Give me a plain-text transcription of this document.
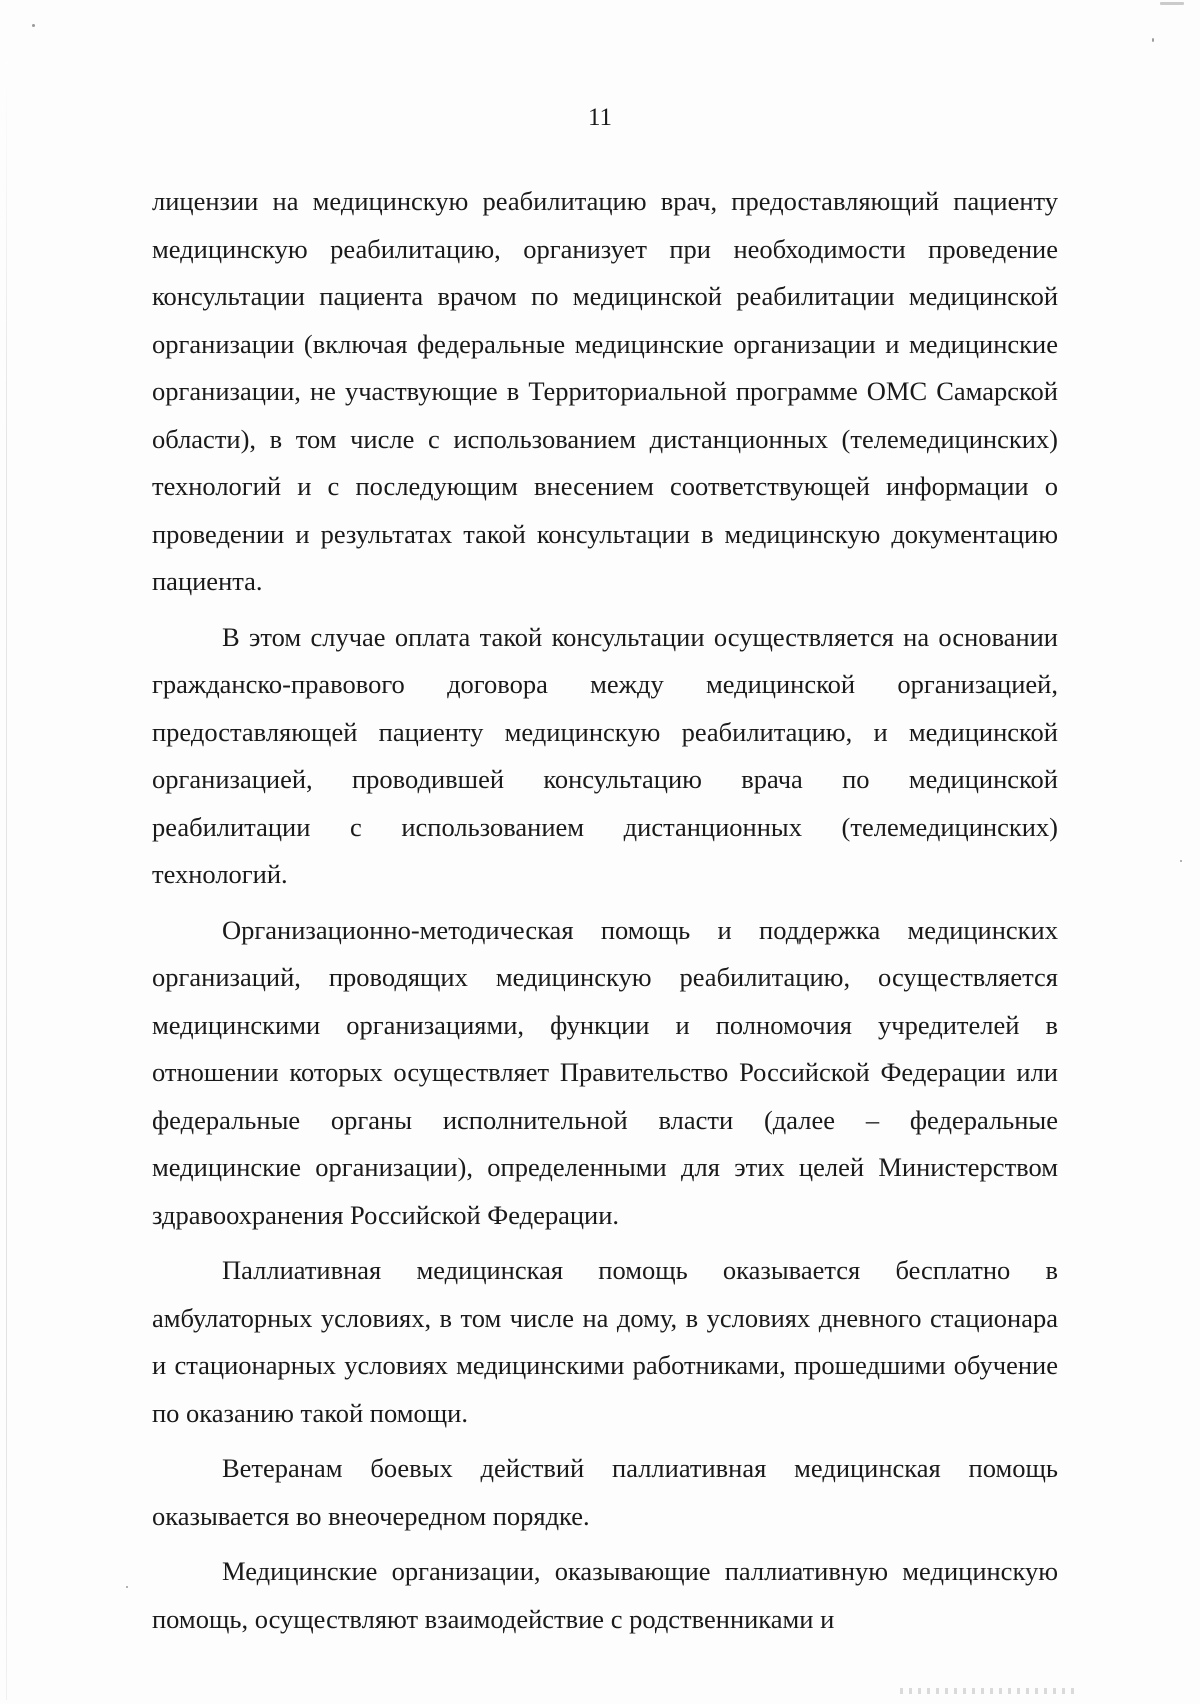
11

лицензии на медицинскую реабилитацию врач, предоставляющий пациенту медицинскую реабилитацию, организует при необходимости проведение консультации пациента врачом по медицинской реабилитации медицинской организации (включая федеральные медицинские организации и медицинские организации, не участвующие в Территориальной программе ОМС Самарской области), в том числе с использованием дистанционных (телемедицинских) технологий и с последующим внесением соответствующей информации о проведении и результатах такой консультации в медицинскую документацию пациента.

В этом случае оплата такой консультации осуществляется на основании гражданско-правового договора между медицинской организацией, предоставляющей пациенту медицинскую реабилитацию, и медицинской организацией, проводившей консультацию врача по медицинской реабилитации с использованием дистанционных (телемедицинских) технологий.

Организационно-методическая помощь и поддержка медицинских организаций, проводящих медицинскую реабилитацию, осуществляется медицинскими организациями, функции и полномочия учредителей в отношении которых осуществляет Правительство Российской Федерации или федеральные органы исполнительной власти (далее – федеральные медицинские организации), определенными для этих целей Министерством здравоохранения Российской Федерации.

Паллиативная медицинская помощь оказывается бесплатно в амбулаторных условиях, в том числе на дому, в условиях дневного стационара и стационарных условиях медицинскими работниками, прошедшими обучение по оказанию такой помощи.

Ветеранам боевых действий паллиативная медицинская помощь оказывается во внеочередном порядке.

Медицинские организации, оказывающие паллиативную медицинскую помощь, осуществляют взаимодействие с родственниками и
